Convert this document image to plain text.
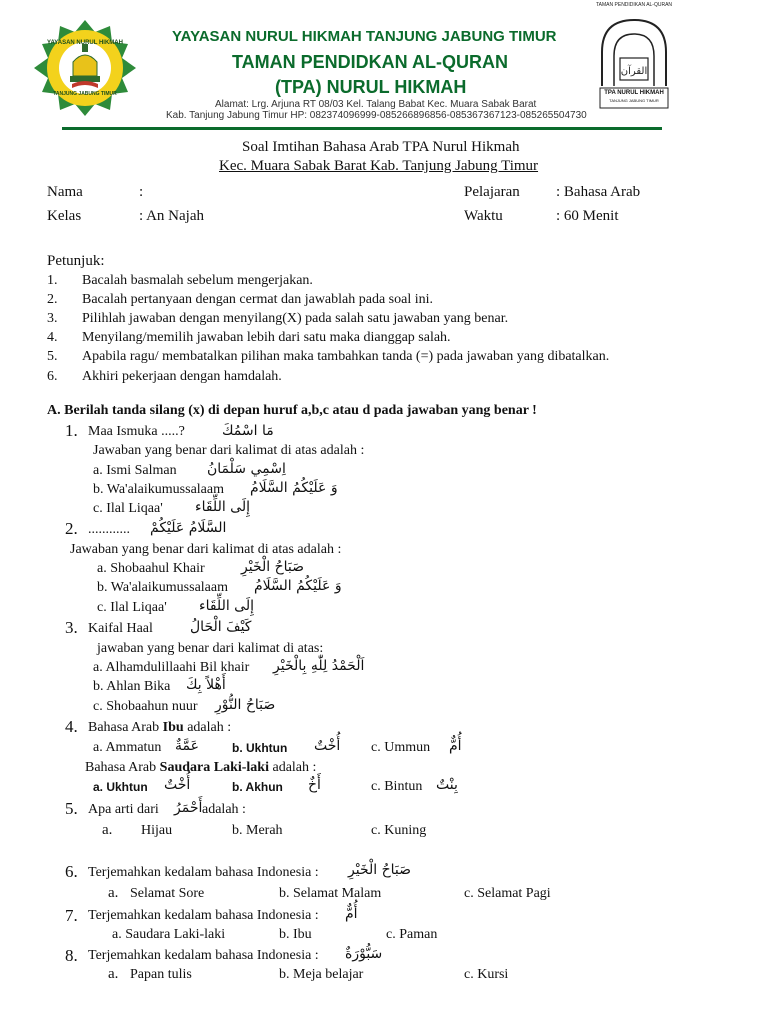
YAYASAN NURUL HIKMAH
TANJUNG JABUNG TIMUR
YAYASAN NURUL HIKMAH TANJUNG JABUNG TIMUR
TAMAN PENDIDKAN AL-QURAN
(TPA) NURUL HIKMAH
Alamat: Lrg. Arjuna RT 08/03 Kel. Talang Babat Kec. Muara Sabak Barat
Kab. Tanjung Jabung Timur HP: 082374096999-085266896856-085367367123-085265504730
القرآن
TPA NURUL HIKMAH
TANJUNG JABUNG TIMUR
TAMAN PENDIDIKAN AL-QURAN
Soal Imtihan Bahasa Arab TPA Nurul Hikmah
Kec. Muara Sabak Barat Kab. Tanjung Jabung Timur
Nama	:	Pelajaran : Bahasa Arab
Kelas	: An Najah	Waktu	: 60 Menit
Petunjuk:
1. Bacalah basmalah sebelum mengerjakan.
2. Bacalah pertanyaan dengan cermat dan jawablah pada soal ini.
3. Pilihlah jawaban dengan menyilang(X) pada salah satu jawaban yang benar.
4. Menyilang/memilih jawaban lebih dari satu maka dianggap salah.
5. Apabila ragu/ membatalkan pilihan maka tambahkan tanda (=) pada jawaban yang dibatalkan.
6. Akhiri pekerjaan dengan hamdalah.
A. Berilah tanda silang (x) di depan huruf a,b,c atau d pada jawaban yang benar !
1. Maa Ismuka .....?	مَا اسْمُكَ
Jawaban yang benar dari kalimat di atas adalah :
a. Ismi Salman اِسْمِي سَلْمَانُ
b. Wa'alaikumussalaam وَ عَلَيْكُمُ السَّلَامُ
c. Ilal Liqaa' إِلَى اللِّقَاء
2. ............ السَّلَامُ عَلَيْكُمْ
Jawaban yang benar dari kalimat di atas adalah :
a. Shobaahul Khair	صَبَاحُ الْخَيْرِ
b. Wa'alaikumussalaam وَ عَلَيْكُمُ السَّلَامُ
c. Ilal Liqaa' إِلَى اللِّقَاء
3. Kaifal Haal	كَيْفَ الْحَالُ
jawaban yang benar dari kalimat di atas:
a. Alhamdulillaahi Bil khair اَلْحَمْدُ لِلّٰهِ بِالْخَيْرِ
b. Ahlan Bika أَهْلاً بِكَ
c. Shobaahun nuur صَبَاحُ النُّوْرِ
4. Bahasa Arab Ibu adalah :
a. Ammatun عَمَّةٌ	b. Ukhtun أُخْتٌ c. Ummun أُمٌّ
Bahasa Arab Saudara Laki-laki adalah :
a. Ukhtun أُخْتٌ	b. Akhun أَخٌ	c. Bintun بِنْتٌ
5. Apa arti dari أَحْمَرُ adalah :
a. Hijau	b. Merah	c. Kuning
6. Terjemahkan kedalam bahasa Indonesia : صَبَاحُ الْخَيْرِ
a. Selamat Sore	b. Selamat Malam	c. Selamat Pagi
7. Terjemahkan kedalam bahasa Indonesia : أُمٌّ
a. Saudara Laki-laki	b. Ibu	c. Paman
8. Terjemahkan kedalam bahasa Indonesia : سَبُّوْرَةٌ
a. Papan tulis	b. Meja belajar	c. Kursi
